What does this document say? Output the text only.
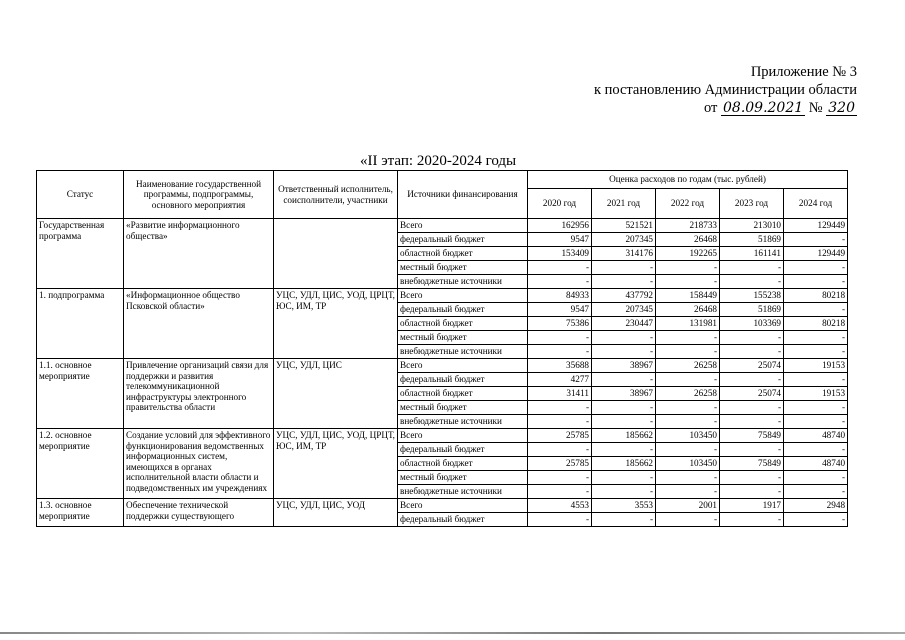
Приложение № 3
к постановлению Администрации области
от 08.09.2021 № 320
«II этап: 2020-2024 годы
Статус	Наименование государственной программы, подпрограммы, основного мероприятия	Ответственный исполнитель, соисполнители, участники	Источники финансирования	Оценка расходов по годам (тыс. рублей)				
				2020 год	2021 год	2022 год	2023 год	2024 год
Государственная программа	«Развитие информационного общества»		Всего	162956	521521	218733	213010	129449
			федеральный бюджет	9547	207345	26468	51869	-
			областной бюджет	153409	314176	192265	161141	129449
			местный бюджет	-	-	-	-	-
			внебюджетные источники	-	-	-	-	-
1. подпрограмма	«Информационное общество Псковской области»	УЦС, УДЛ, ЦИС, УОД, ЦРЦТ, ЮС, ИМ, ТР	Всего	84933	437792	158449	155238	80218
			федеральный бюджет	9547	207345	26468	51869	-
			областной бюджет	75386	230447	131981	103369	80218
			местный бюджет	-	-	-	-	-
			внебюджетные источники	-	-	-	-	-
1.1. основное мероприятие	Привлечение организаций связи для поддержки и развития телекоммуникационной инфраструктуры электронного правительства области	УЦС, УДЛ, ЦИС	Всего	35688	38967	26258	25074	19153
			федеральный бюджет	4277	-	-	-	-
			областной бюджет	31411	38967	26258	25074	19153
			местный бюджет	-	-	-	-	-
			внебюджетные источники	-	-	-	-	-
1.2. основное мероприятие	Создание условий для эффективного функционирования ведомственных информационных систем, имеющихся в органах исполнительной власти области и подведомственных им учреждениях	УЦС, УДЛ, ЦИС, УОД, ЦРЦТ, ЮС, ИМ, ТР	Всего	25785	185662	103450	75849	48740
			федеральный бюджет	-	-	-	-	-
			областной бюджет	25785	185662	103450	75849	48740
			местный бюджет	-	-	-	-	-
			внебюджетные источники	-	-	-	-	-
1.3. основное мероприятие	Обеспечение технической поддержки существующего	УЦС, УДЛ, ЦИС, УОД	Всего	4553	3553	2001	1917	2948
			федеральный бюджет	-	-	-	-	-
